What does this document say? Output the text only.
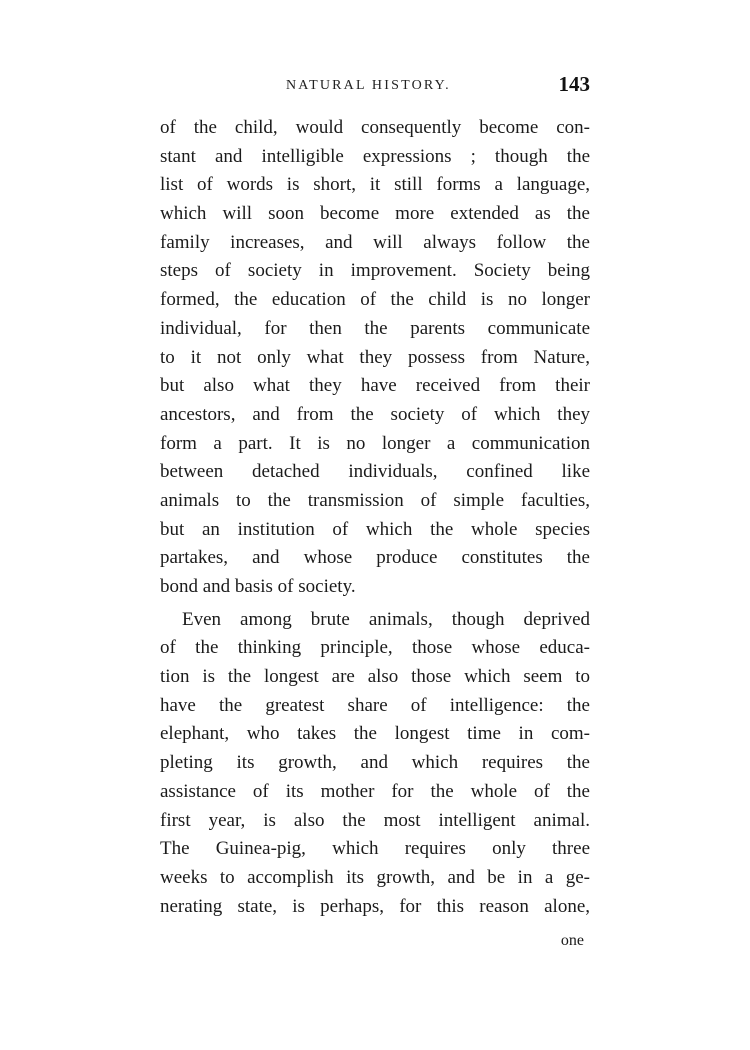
NATURAL HISTORY.	143
of the child, would consequently become con-
stant and intelligible expressions ; though the
list of words is short, it still forms a language,
which will soon become more extended as the
family increases, and will always follow the
steps of society in improvement. Society being
formed, the education of the child is no longer
individual, for then the parents communicate
to it not only what they possess from Nature,
but also what they have received from their
ancestors, and from the society of which they
form a part. It is no longer a communication
between detached individuals, confined like
animals to the transmission of simple faculties,
but an institution of which the whole species
partakes, and whose produce constitutes the
bond and basis of society.
Even among brute animals, though deprived
of the thinking principle, those whose educa-
tion is the longest are also those which seem to
have the greatest share of intelligence: the
elephant, who takes the longest time in com-
pleting its growth, and which requires the
assistance of its mother for the whole of the
first year, is also the most intelligent animal.
The Guinea-pig, which requires only three
weeks to accomplish its growth, and be in a ge-
nerating state, is perhaps, for this reason alone,
one
